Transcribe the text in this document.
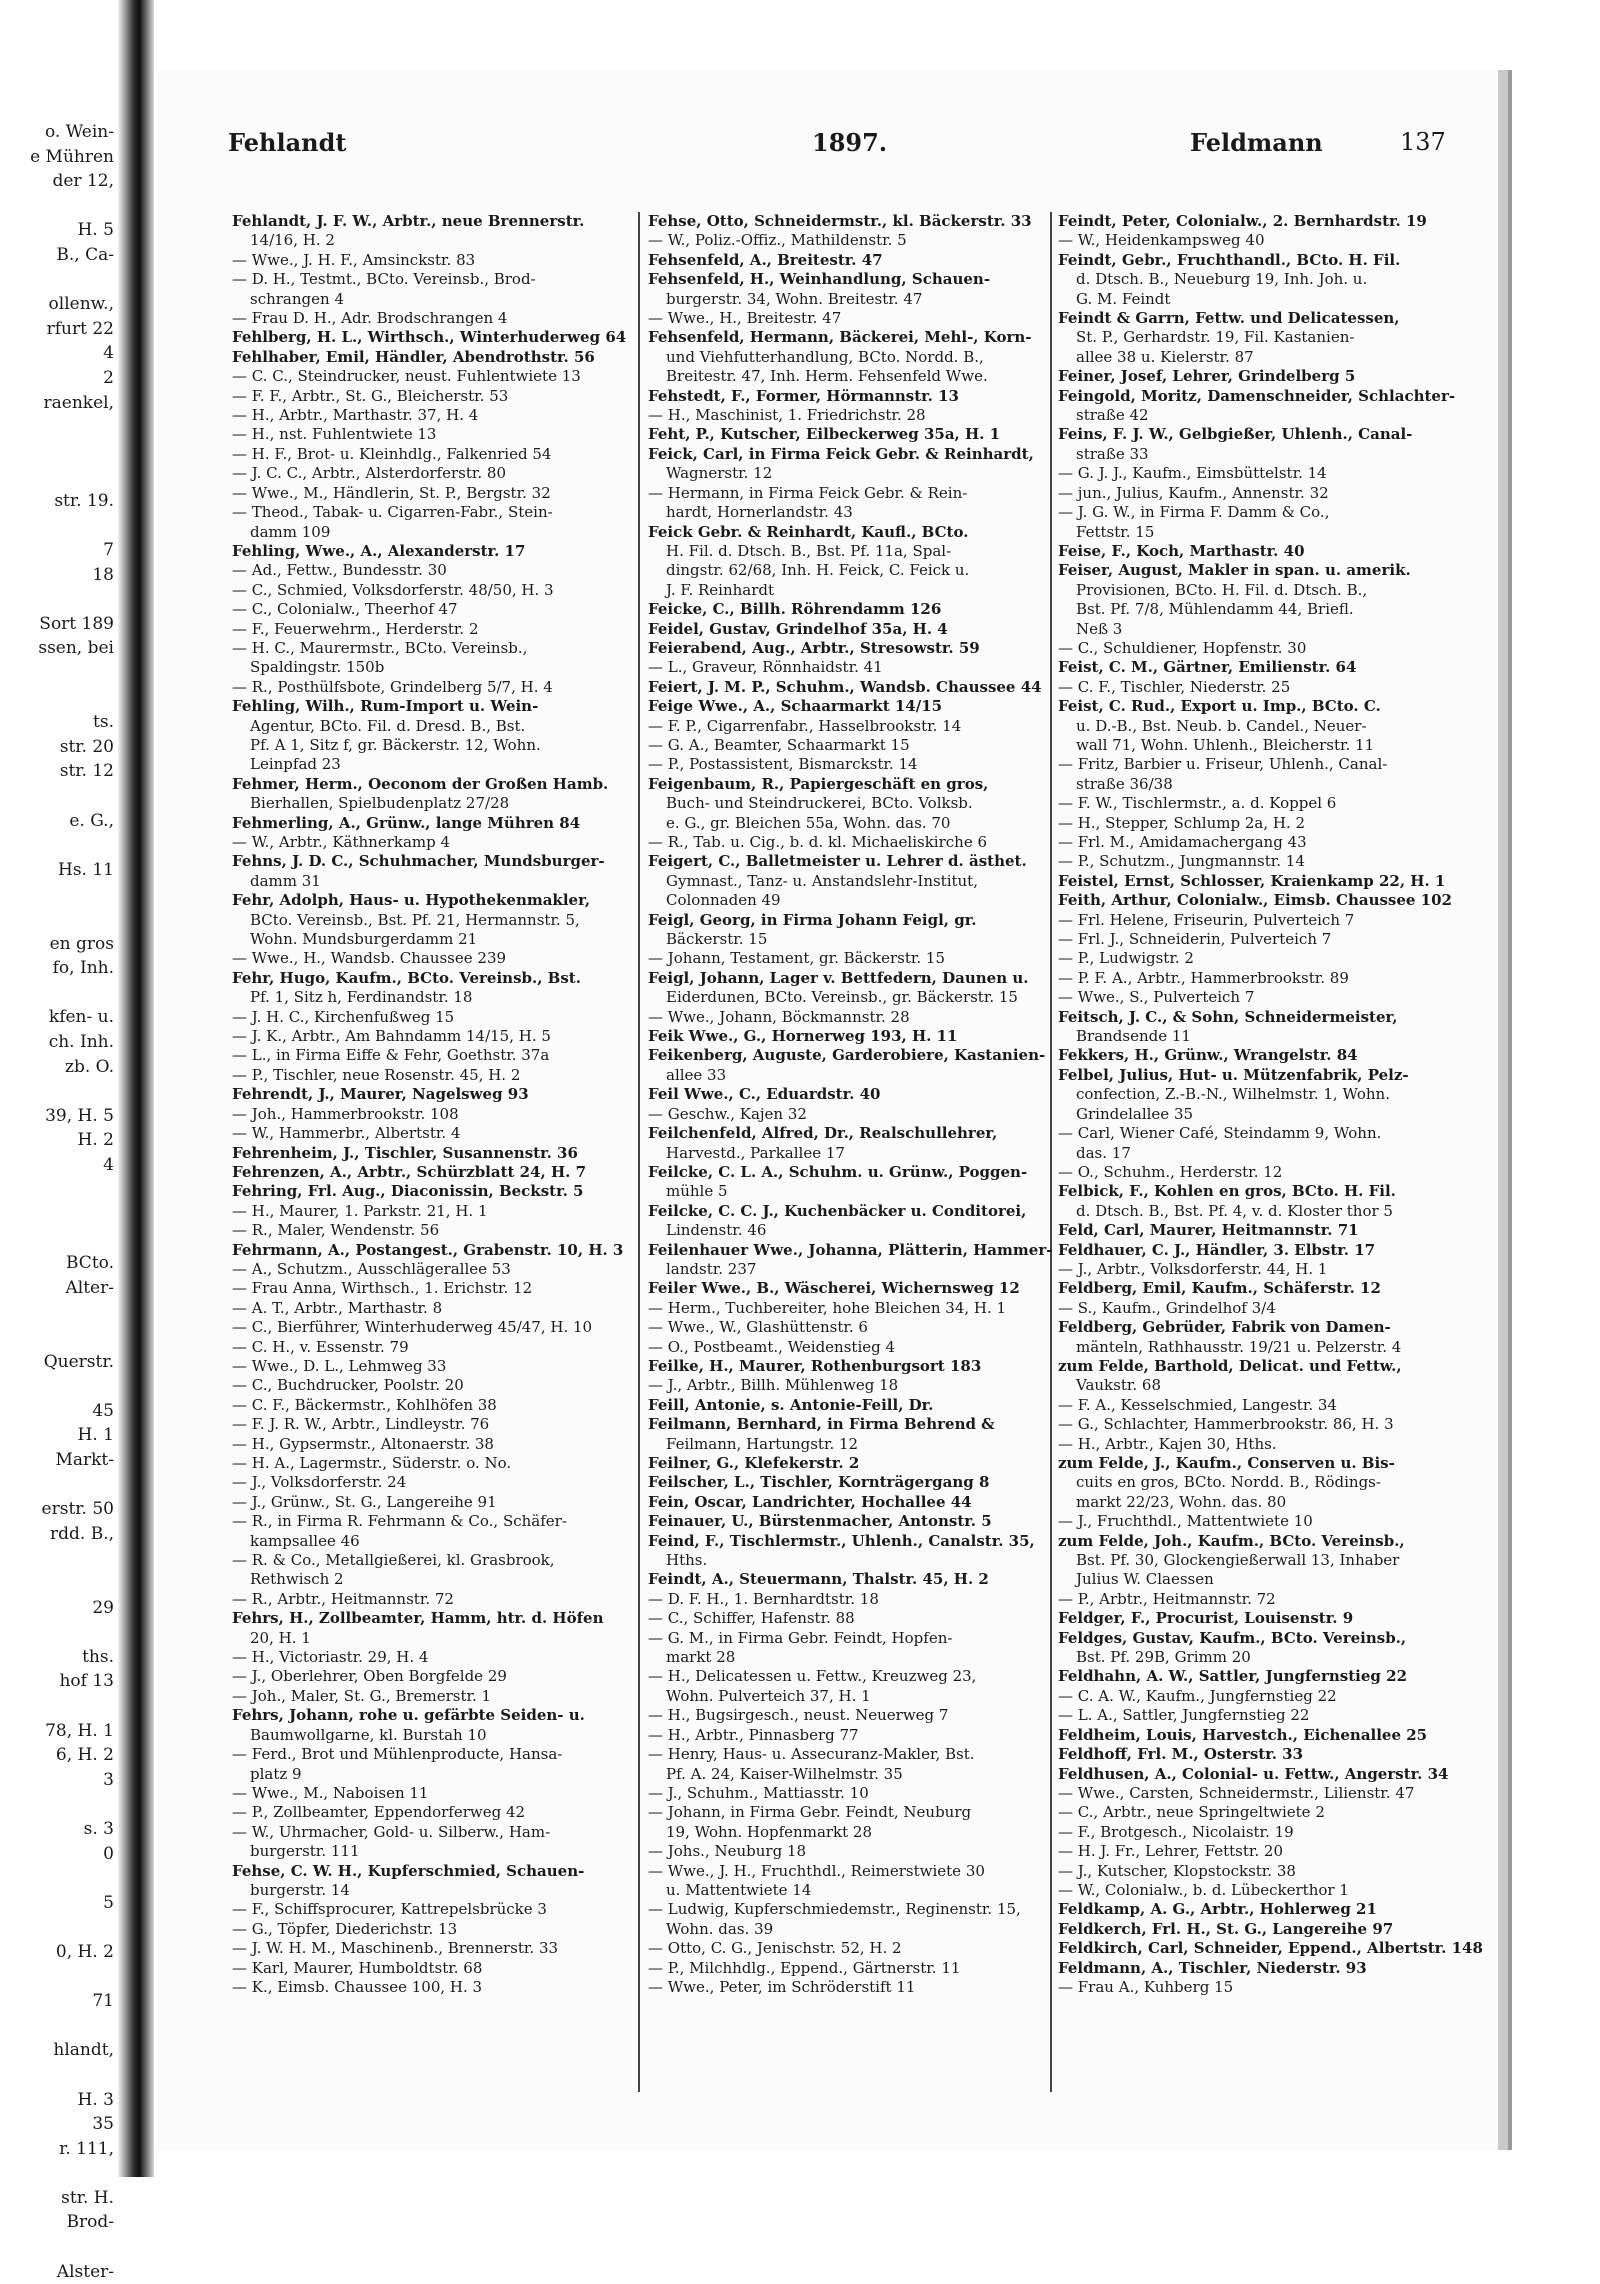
o. Wein-
e Mühren
der 12,

H. 5
B., Ca-

ollenw.,
rfurt 22
4
2
raenkel,

str. 19.

7
18

Sort 189
ssen, bei

ts.
str. 20
str. 12

e. G.,

Hs. 11

en gros
fo, Inh.

kfen- u.
ch. Inh.
zb. O.

39, H. 5
H. 2
4

BCto.
Alter-

Querstr.

45
H. 1
Markt-

erstr. 50
rdd. B.,

29

ths.
hof 13

78, H. 1
6, H. 2
3

s. 3
0

5

0, H. 2

71

hlandt,

H. 3
35
r. 111,

str. H.
Brod-

Alster-
Fehlandt	1897.	Feldmann	137
Fehlandt, J. F. W., Arbtr., neue Brennerstr.
14/16, H. 2
— Wwe., J. H. F., Amsinckstr. 83
— D. H., Testmt., BCto. Vereinsb., Brod-
schrangen 4
— Frau D. H., Adr. Brodschrangen 4
Fehlberg, H. L., Wirthsch., Winterhuderweg 64
Fehlhaber, Emil, Händler, Abendrothstr. 56
— C. C., Steindrucker, neust. Fuhlentwiete 13
— F. F., Arbtr., St. G., Bleicherstr. 53
— H., Arbtr., Marthastr. 37, H. 4
— H., nst. Fuhlentwiete 13
— H. F., Brot- u. Kleinhdlg., Falkenried 54
— J. C. C., Arbtr., Alsterdorferstr. 80
— Wwe., M., Händlerin, St. P., Bergstr. 32
— Theod., Tabak- u. Cigarren-Fabr., Stein-
damm 109
Fehling, Wwe., A., Alexanderstr. 17
— Ad., Fettw., Bundesstr. 30
— C., Schmied, Volksdorferstr. 48/50, H. 3
— C., Colonialw., Theerhof 47
— F., Feuerwehrm., Herderstr. 2
— H. C., Maurermstr., BCto. Vereinsb.,
Spaldingstr. 150b
— R., Posthülfsbote, Grindelberg 5/7, H. 4
Fehling, Wilh., Rum-Import u. Wein-
Agentur, BCto. Fil. d. Dresd. B., Bst.
Pf. A 1, Sitz f, gr. Bäckerstr. 12, Wohn.
Leinpfad 23
Fehmer, Herm., Oeconom der Großen Hamb.
Bierhallen, Spielbudenplatz 27/28
Fehmerling, A., Grünw., lange Mühren 84
— W., Arbtr., Käthnerkamp 4
Fehns, J. D. C., Schuhmacher, Mundsburger-
damm 31
Fehr, Adolph, Haus- u. Hypothekenmakler,
BCto. Vereinsb., Bst. Pf. 21, Hermannstr. 5,
Wohn. Mundsburgerdamm 21
— Wwe., H., Wandsb. Chaussee 239
Fehr, Hugo, Kaufm., BCto. Vereinsb., Bst.
Pf. 1, Sitz h, Ferdinandstr. 18
— J. H. C., Kirchenfußweg 15
— J. K., Arbtr., Am Bahndamm 14/15, H. 5
— L., in Firma Eiffe & Fehr, Goethstr. 37a
— P., Tischler, neue Rosenstr. 45, H. 2
Fehrendt, J., Maurer, Nagelsweg 93
— Joh., Hammerbrookstr. 108
— W., Hammerbr., Albertstr. 4
Fehrenheim, J., Tischler, Susannenstr. 36
Fehrenzen, A., Arbtr., Schürzblatt 24, H. 7
Fehring, Frl. Aug., Diaconissin, Beckstr. 5
— H., Maurer, 1. Parkstr. 21, H. 1
— R., Maler, Wendenstr. 56
Fehrmann, A., Postangest., Grabenstr. 10, H. 3
— A., Schutzm., Ausschlägerallee 53
— Frau Anna, Wirthsch., 1. Erichstr. 12
— A. T., Arbtr., Marthastr. 8
— C., Bierführer, Winterhuderweg 45/47, H. 10
— C. H., v. Essenstr. 79
— Wwe., D. L., Lehmweg 33
— C., Buchdrucker, Poolstr. 20
— C. F., Bäckermstr., Kohlhöfen 38
— F. J. R. W., Arbtr., Lindleystr. 76
— H., Gypsermstr., Altonaerstr. 38
— H. A., Lagermstr., Süderstr. o. No.
— J., Volksdorferstr. 24
— J., Grünw., St. G., Langereihe 91
— R., in Firma R. Fehrmann & Co., Schäfer-
kampsallee 46
— R. & Co., Metallgießerei, kl. Grasbrook,
Rethwisch 2
— R., Arbtr., Heitmannstr. 72
Fehrs, H., Zollbeamter, Hamm, htr. d. Höfen
20, H. 1
— H., Victoriastr. 29, H. 4
— J., Oberlehrer, Oben Borgfelde 29
— Joh., Maler, St. G., Bremerstr. 1
Fehrs, Johann, rohe u. gefärbte Seiden- u.
Baumwollgarne, kl. Burstah 10
— Ferd., Brot und Mühlenproducte, Hansa-
platz 9
— Wwe., M., Naboisen 11
— P., Zollbeamter, Eppendorferweg 42
— W., Uhrmacher, Gold- u. Silberw., Ham-
burgerstr. 111
Fehse, C. W. H., Kupferschmied, Schauen-
burgerstr. 14
— F., Schiffsprocurer, Kattrepelsbrücke 3
— G., Töpfer, Diederichstr. 13
— J. W. H. M., Maschinenb., Brennerstr. 33
— Karl, Maurer, Humboldtstr. 68
— K., Eimsb. Chaussee 100, H. 3
Fehse, Otto, Schneidermstr., kl. Bäckerstr. 33
— W., Poliz.-Offiz., Mathildenstr. 5
Fehsenfeld, A., Breitestr. 47
Fehsenfeld, H., Weinhandlung, Schauen-
burgerstr. 34, Wohn. Breitestr. 47
— Wwe., H., Breitestr. 47
Fehsenfeld, Hermann, Bäckerei, Mehl-, Korn-
und Viehfutterhandlung, BCto. Nordd. B.,
Breitestr. 47, Inh. Herm. Fehsenfeld Wwe.
Fehstedt, F., Former, Hörmannstr. 13
— H., Maschinist, 1. Friedrichstr. 28
Feht, P., Kutscher, Eilbeckerweg 35a, H. 1
Feick, Carl, in Firma Feick Gebr. & Reinhardt,
Wagnerstr. 12
— Hermann, in Firma Feick Gebr. & Rein-
hardt, Hornerlandstr. 43
Feick Gebr. & Reinhardt, Kaufl., BCto.
H. Fil. d. Dtsch. B., Bst. Pf. 11a, Spal-
dingstr. 62/68, Inh. H. Feick, C. Feick u.
J. F. Reinhardt
Feicke, C., Billh. Röhrendamm 126
Feidel, Gustav, Grindelhof 35a, H. 4
Feierabend, Aug., Arbtr., Stresowstr. 59
— L., Graveur, Rönnhaidstr. 41
Feiert, J. M. P., Schuhm., Wandsb. Chaussee 44
Feige Wwe., A., Schaarmarkt 14/15
— F. P., Cigarrenfabr., Hasselbrookstr. 14
— G. A., Beamter, Schaarmarkt 15
— P., Postassistent, Bismarckstr. 14
Feigenbaum, R., Papiergeschäft en gros,
Buch- und Steindruckerei, BCto. Volksb.
e. G., gr. Bleichen 55a, Wohn. das. 70
— R., Tab. u. Cig., b. d. kl. Michaeliskirche 6
Feigert, C., Balletmeister u. Lehrer d. ästhet.
Gymnast., Tanz- u. Anstandslehr-Institut,
Colonnaden 49
Feigl, Georg, in Firma Johann Feigl, gr.
Bäckerstr. 15
— Johann, Testament, gr. Bäckerstr. 15
Feigl, Johann, Lager v. Bettfedern, Daunen u.
Eiderdunen, BCto. Vereinsb., gr. Bäckerstr. 15
— Wwe., Johann, Böckmannstr. 28
Feik Wwe., G., Hornerweg 193, H. 11
Feikenberg, Auguste, Garderobiere, Kastanien-
allee 33
Feil Wwe., C., Eduardstr. 40
— Geschw., Kajen 32
Feilchenfeld, Alfred, Dr., Realschullehrer,
Harvestd., Parkallee 17
Feilcke, C. L. A., Schuhm. u. Grünw., Poggen-
mühle 5
Feilcke, C. C. J., Kuchenbäcker u. Conditorei,
Lindenstr. 46
Feilenhauer Wwe., Johanna, Plätterin, Hammer-
landstr. 237
Feiler Wwe., B., Wäscherei, Wichernsweg 12
— Herm., Tuchbereiter, hohe Bleichen 34, H. 1
— Wwe., W., Glashüttenstr. 6
— O., Postbeamt., Weidenstieg 4
Feilke, H., Maurer, Rothenburgsort 183
— J., Arbtr., Billh. Mühlenweg 18
Feill, Antonie, s. Antonie-Feill, Dr.
Feilmann, Bernhard, in Firma Behrend &
Feilmann, Hartungstr. 12
Feilner, G., Klefekerstr. 2
Feilscher, L., Tischler, Kornträgergang 8
Fein, Oscar, Landrichter, Hochallee 44
Feinauer, U., Bürstenmacher, Antonstr. 5
Feind, F., Tischlermstr., Uhlenh., Canalstr. 35,
Hths.
Feindt, A., Steuermann, Thalstr. 45, H. 2
— D. F. H., 1. Bernhardtstr. 18
— C., Schiffer, Hafenstr. 88
— G. M., in Firma Gebr. Feindt, Hopfen-
markt 28
— H., Delicatessen u. Fettw., Kreuzweg 23,
Wohn. Pulverteich 37, H. 1
— H., Bugsirgesch., neust. Neuerweg 7
— H., Arbtr., Pinnasberg 77
— Henry, Haus- u. Assecuranz-Makler, Bst.
Pf. A. 24, Kaiser-Wilhelmstr. 35
— J., Schuhm., Mattiasstr. 10
— Johann, in Firma Gebr. Feindt, Neuburg
19, Wohn. Hopfenmarkt 28
— Johs., Neuburg 18
— Wwe., J. H., Fruchthdl., Reimerstwiete 30
u. Mattentwiete 14
— Ludwig, Kupferschmiedemstr., Reginenstr. 15,
Wohn. das. 39
— Otto, C. G., Jenischstr. 52, H. 2
— P., Milchhdlg., Eppend., Gärtnerstr. 11
— Wwe., Peter, im Schröderstift 11
Feindt, Peter, Colonialw., 2. Bernhardstr. 19
— W., Heidenkampsweg 40
Feindt, Gebr., Fruchthandl., BCto. H. Fil.
d. Dtsch. B., Neueburg 19, Inh. Joh. u.
G. M. Feindt
Feindt & Garrn, Fettw. und Delicatessen,
St. P., Gerhardstr. 19, Fil. Kastanien-
allee 38 u. Kielerstr. 87
Feiner, Josef, Lehrer, Grindelberg 5
Feingold, Moritz, Damenschneider, Schlachter-
straße 42
Feins, F. J. W., Gelbgießer, Uhlenh., Canal-
straße 33
— G. J. J., Kaufm., Eimsbüttelstr. 14
— jun., Julius, Kaufm., Annenstr. 32
— J. G. W., in Firma F. Damm & Co.,
Fettstr. 15
Feise, F., Koch, Marthastr. 40
Feiser, August, Makler in span. u. amerik.
Provisionen, BCto. H. Fil. d. Dtsch. B.,
Bst. Pf. 7/8, Mühlendamm 44, Briefl.
Neß 3
— C., Schuldiener, Hopfenstr. 30
Feist, C. M., Gärtner, Emilienstr. 64
— C. F., Tischler, Niederstr. 25
Feist, C. Rud., Export u. Imp., BCto. C.
u. D.-B., Bst. Neub. b. Candel., Neuer-
wall 71, Wohn. Uhlenh., Bleicherstr. 11
— Fritz, Barbier u. Friseur, Uhlenh., Canal-
straße 36/38
— F. W., Tischlermstr., a. d. Koppel 6
— H., Stepper, Schlump 2a, H. 2
— Frl. M., Amidamachergang 43
— P., Schutzm., Jungmannstr. 14
Feistel, Ernst, Schlosser, Kraienkamp 22, H. 1
Feith, Arthur, Colonialw., Eimsb. Chaussee 102
— Frl. Helene, Friseurin, Pulverteich 7
— Frl. J., Schneiderin, Pulverteich 7
— P., Ludwigstr. 2
— P. F. A., Arbtr., Hammerbrookstr. 89
— Wwe., S., Pulverteich 7
Feitsch, J. C., & Sohn, Schneidermeister,
Brandsende 11
Fekkers, H., Grünw., Wrangelstr. 84
Felbel, Julius, Hut- u. Mützenfabrik, Pelz-
confection, Z.-B.-N., Wilhelmstr. 1, Wohn.
Grindelallee 35
— Carl, Wiener Café, Steindamm 9, Wohn.
das. 17
— O., Schuhm., Herderstr. 12
Felbick, F., Kohlen en gros, BCto. H. Fil.
d. Dtsch. B., Bst. Pf. 4, v. d. Kloster thor 5
Feld, Carl, Maurer, Heitmannstr. 71
Feldhauer, C. J., Händler, 3. Elbstr. 17
— J., Arbtr., Volksdorferstr. 44, H. 1
Feldberg, Emil, Kaufm., Schäferstr. 12
— S., Kaufm., Grindelhof 3/4
Feldberg, Gebrüder, Fabrik von Damen-
mänteln, Rathhausstr. 19/21 u. Pelzerstr. 4
zum Felde, Barthold, Delicat. und Fettw.,
Vaukstr. 68
— F. A., Kesselschmied, Langestr. 34
— G., Schlachter, Hammerbrookstr. 86, H. 3
— H., Arbtr., Kajen 30, Hths.
zum Felde, J., Kaufm., Conserven u. Bis-
cuits en gros, BCto. Nordd. B., Rödings-
markt 22/23, Wohn. das. 80
— J., Fruchthdl., Mattentwiete 10
zum Felde, Joh., Kaufm., BCto. Vereinsb.,
Bst. Pf. 30, Glockengießerwall 13, Inhaber
Julius W. Claessen
— P., Arbtr., Heitmannstr. 72
Feldger, F., Procurist, Louisenstr. 9
Feldges, Gustav, Kaufm., BCto. Vereinsb.,
Bst. Pf. 29B, Grimm 20
Feldhahn, A. W., Sattler, Jungfernstieg 22
— C. A. W., Kaufm., Jungfernstieg 22
— L. A., Sattler, Jungfernstieg 22
Feldheim, Louis, Harvestch., Eichenallee 25
Feldhoff, Frl. M., Osterstr. 33
Feldhusen, A., Colonial- u. Fettw., Angerstr. 34
— Wwe., Carsten, Schneidermstr., Lilienstr. 47
— C., Arbtr., neue Springeltwiete 2
— F., Brotgesch., Nicolaistr. 19
— H. J. Fr., Lehrer, Fettstr. 20
— J., Kutscher, Klopstockstr. 38
— W., Colonialw., b. d. Lübeckerthor 1
Feldkamp, A. G., Arbtr., Hohlerweg 21
Feldkerch, Frl. H., St. G., Langereihe 97
Feldkirch, Carl, Schneider, Eppend., Albertstr. 148
Feldmann, A., Tischler, Niederstr. 93
— Frau A., Kuhberg 15
